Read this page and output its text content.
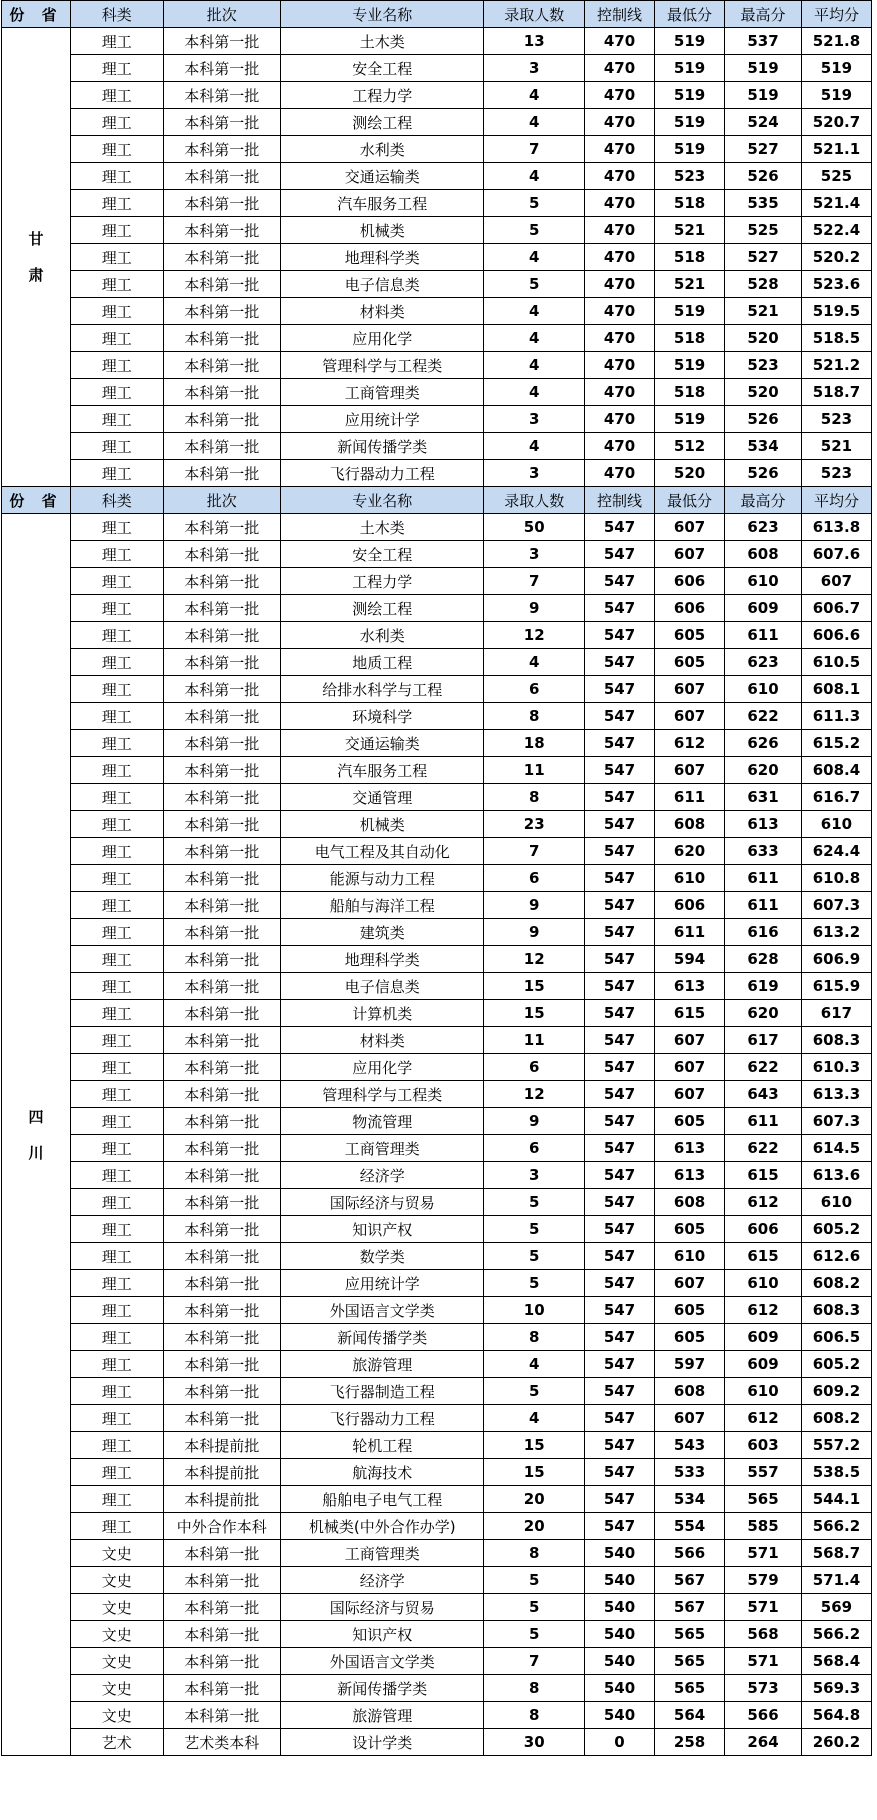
份 省	科类	批次	专业名称	录取人数	控制线	最低分	最高分	平均分

甘
肃	理工	本科第一批	土木类	13	470	519	537	521.8
	理工	本科第一批	安全工程	3	470	519	519	519
	理工	本科第一批	工程力学	4	470	519	519	519
	理工	本科第一批	测绘工程	4	470	519	524	520.7
	理工	本科第一批	水利类	7	470	519	527	521.1
	理工	本科第一批	交通运输类	4	470	523	526	525
	理工	本科第一批	汽车服务工程	5	470	518	535	521.4
	理工	本科第一批	机械类	5	470	521	525	522.4
	理工	本科第一批	地理科学类	4	470	518	527	520.2
	理工	本科第一批	电子信息类	5	470	521	528	523.6
	理工	本科第一批	材料类	4	470	519	521	519.5
	理工	本科第一批	应用化学	4	470	518	520	518.5
	理工	本科第一批	管理科学与工程类	4	470	519	523	521.2
	理工	本科第一批	工商管理类	4	470	518	520	518.7
	理工	本科第一批	应用统计学	3	470	519	526	523
	理工	本科第一批	新闻传播学类	4	470	512	534	521
	理工	本科第一批	飞行器动力工程	3	470	520	526	523
份 省	科类	批次	专业名称	录取人数	控制线	最低分	最高分	平均分

四
川	理工	本科第一批	土木类	50	547	607	623	613.8
	理工	本科第一批	安全工程	3	547	607	608	607.6
	理工	本科第一批	工程力学	7	547	606	610	607
	理工	本科第一批	测绘工程	9	547	606	609	606.7
	理工	本科第一批	水利类	12	547	605	611	606.6
	理工	本科第一批	地质工程	4	547	605	623	610.5
	理工	本科第一批	给排水科学与工程	6	547	607	610	608.1
	理工	本科第一批	环境科学	8	547	607	622	611.3
	理工	本科第一批	交通运输类	18	547	612	626	615.2
	理工	本科第一批	汽车服务工程	11	547	607	620	608.4
	理工	本科第一批	交通管理	8	547	611	631	616.7
	理工	本科第一批	机械类	23	547	608	613	610
	理工	本科第一批	电气工程及其自动化	7	547	620	633	624.4
	理工	本科第一批	能源与动力工程	6	547	610	611	610.8
	理工	本科第一批	船舶与海洋工程	9	547	606	611	607.3
	理工	本科第一批	建筑类	9	547	611	616	613.2
	理工	本科第一批	地理科学类	12	547	594	628	606.9
	理工	本科第一批	电子信息类	15	547	613	619	615.9
	理工	本科第一批	计算机类	15	547	615	620	617
	理工	本科第一批	材料类	11	547	607	617	608.3
	理工	本科第一批	应用化学	6	547	607	622	610.3
	理工	本科第一批	管理科学与工程类	12	547	607	643	613.3
	理工	本科第一批	物流管理	9	547	605	611	607.3
	理工	本科第一批	工商管理类	6	547	613	622	614.5
	理工	本科第一批	经济学	3	547	613	615	613.6
	理工	本科第一批	国际经济与贸易	5	547	608	612	610
	理工	本科第一批	知识产权	5	547	605	606	605.2
	理工	本科第一批	数学类	5	547	610	615	612.6
	理工	本科第一批	应用统计学	5	547	607	610	608.2
	理工	本科第一批	外国语言文学类	10	547	605	612	608.3
	理工	本科第一批	新闻传播学类	8	547	605	609	606.5
	理工	本科第一批	旅游管理	4	547	597	609	605.2
	理工	本科第一批	飞行器制造工程	5	547	608	610	609.2
	理工	本科第一批	飞行器动力工程	4	547	607	612	608.2
	理工	本科提前批	轮机工程	15	547	543	603	557.2
	理工	本科提前批	航海技术	15	547	533	557	538.5
	理工	本科提前批	船舶电子电气工程	20	547	534	565	544.1
	理工	中外合作本科	机械类(中外合作办学)	20	547	554	585	566.2
	文史	本科第一批	工商管理类	8	540	566	571	568.7
	文史	本科第一批	经济学	5	540	567	579	571.4
	文史	本科第一批	国际经济与贸易	5	540	567	571	569
	文史	本科第一批	知识产权	5	540	565	568	566.2
	文史	本科第一批	外国语言文学类	7	540	565	571	568.4
	文史	本科第一批	新闻传播学类	8	540	565	573	569.3
	文史	本科第一批	旅游管理	8	540	564	566	564.8
	艺术	艺术类本科	设计学类	30	0	258	264	260.2
